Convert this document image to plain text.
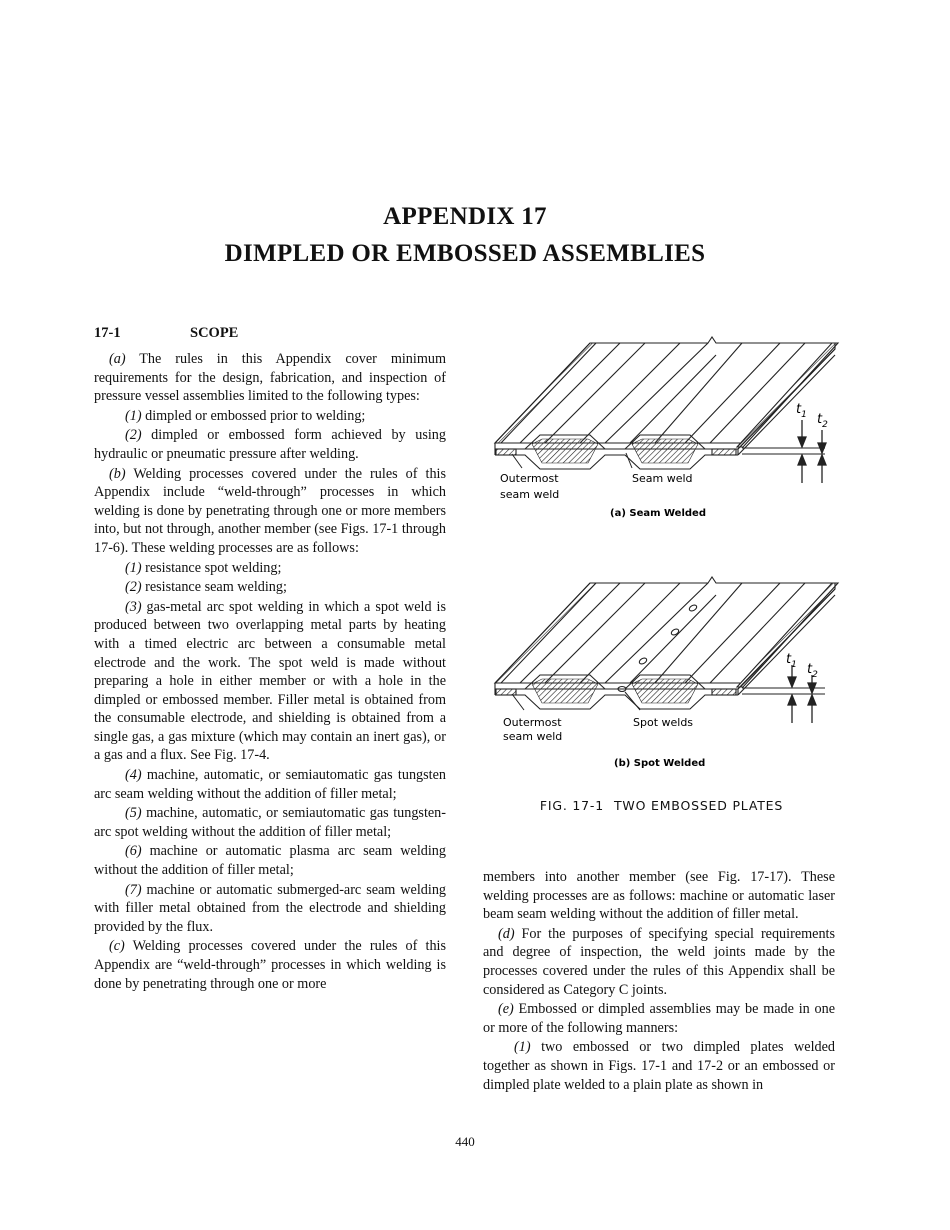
APPENDIX 17
DIMPLED OR EMBOSSED ASSEMBLIES
17-1	SCOPE

(a) The rules in this Appendix cover minimum requirements for the design, fabrication, and inspection of pressure vessel assemblies limited to the following types:

(1) dimpled or embossed prior to welding;

(2) dimpled or embossed form achieved by using hydraulic or pneumatic pressure after welding.

(b) Welding processes covered under the rules of this Appendix include “weld-through” processes in which welding is done by penetrating through one or more members into, but not through, another member (see Figs. 17-1 through 17-6). These welding processes are as follows:

(1) resistance spot welding;

(2) resistance seam welding;

(3) gas-metal arc spot welding in which a spot weld is produced between two overlapping metal parts by heating with a timed electric arc between a consumable metal electrode and the work. The spot weld is made without preparing a hole in either member or with a hole in the dimpled or embossed member. Filler metal is obtained from the consumable electrode, and shielding is obtained from a single gas, a gas mixture (which may contain an inert gas), or a gas and a flux. See Fig. 17-4.

(4) machine, automatic, or semiautomatic gas tungsten arc seam welding without the addition of filler metal;

(5) machine, automatic, or semiautomatic gas tungsten-arc spot welding without the addition of filler metal;

(6) machine or automatic plasma arc seam welding without the addition of filler metal;

(7) machine or automatic submerged-arc seam welding with filler metal obtained from the electrode and shielding provided by the flux.

(c) Welding processes covered under the rules of this Appendix are “weld-through” processes in which welding is done by penetrating through one or more

$t_1$ $t_2$
Outermost
seam weld
Seam weld
(a) Seam Welded
$t_1$ $t_2$
Outermost
seam weld
Spot welds
(b) Spot Welded
FIG. 17-1 TWO EMBOSSED PLATES

members into another member (see Fig. 17-17). These welding processes are as follows: machine or automatic laser beam seam welding without the addition of filler metal.

(d) For the purposes of specifying special requirements and degree of inspection, the weld joints made by the processes covered under the rules of this Appendix shall be considered as Category C joints.

(e) Embossed or dimpled assemblies may be made in one or more of the following manners:

(1) two embossed or two dimpled plates welded together as shown in Figs. 17-1 and 17-2 or an embossed or dimpled plate welded to a plain plate as shown in

440
